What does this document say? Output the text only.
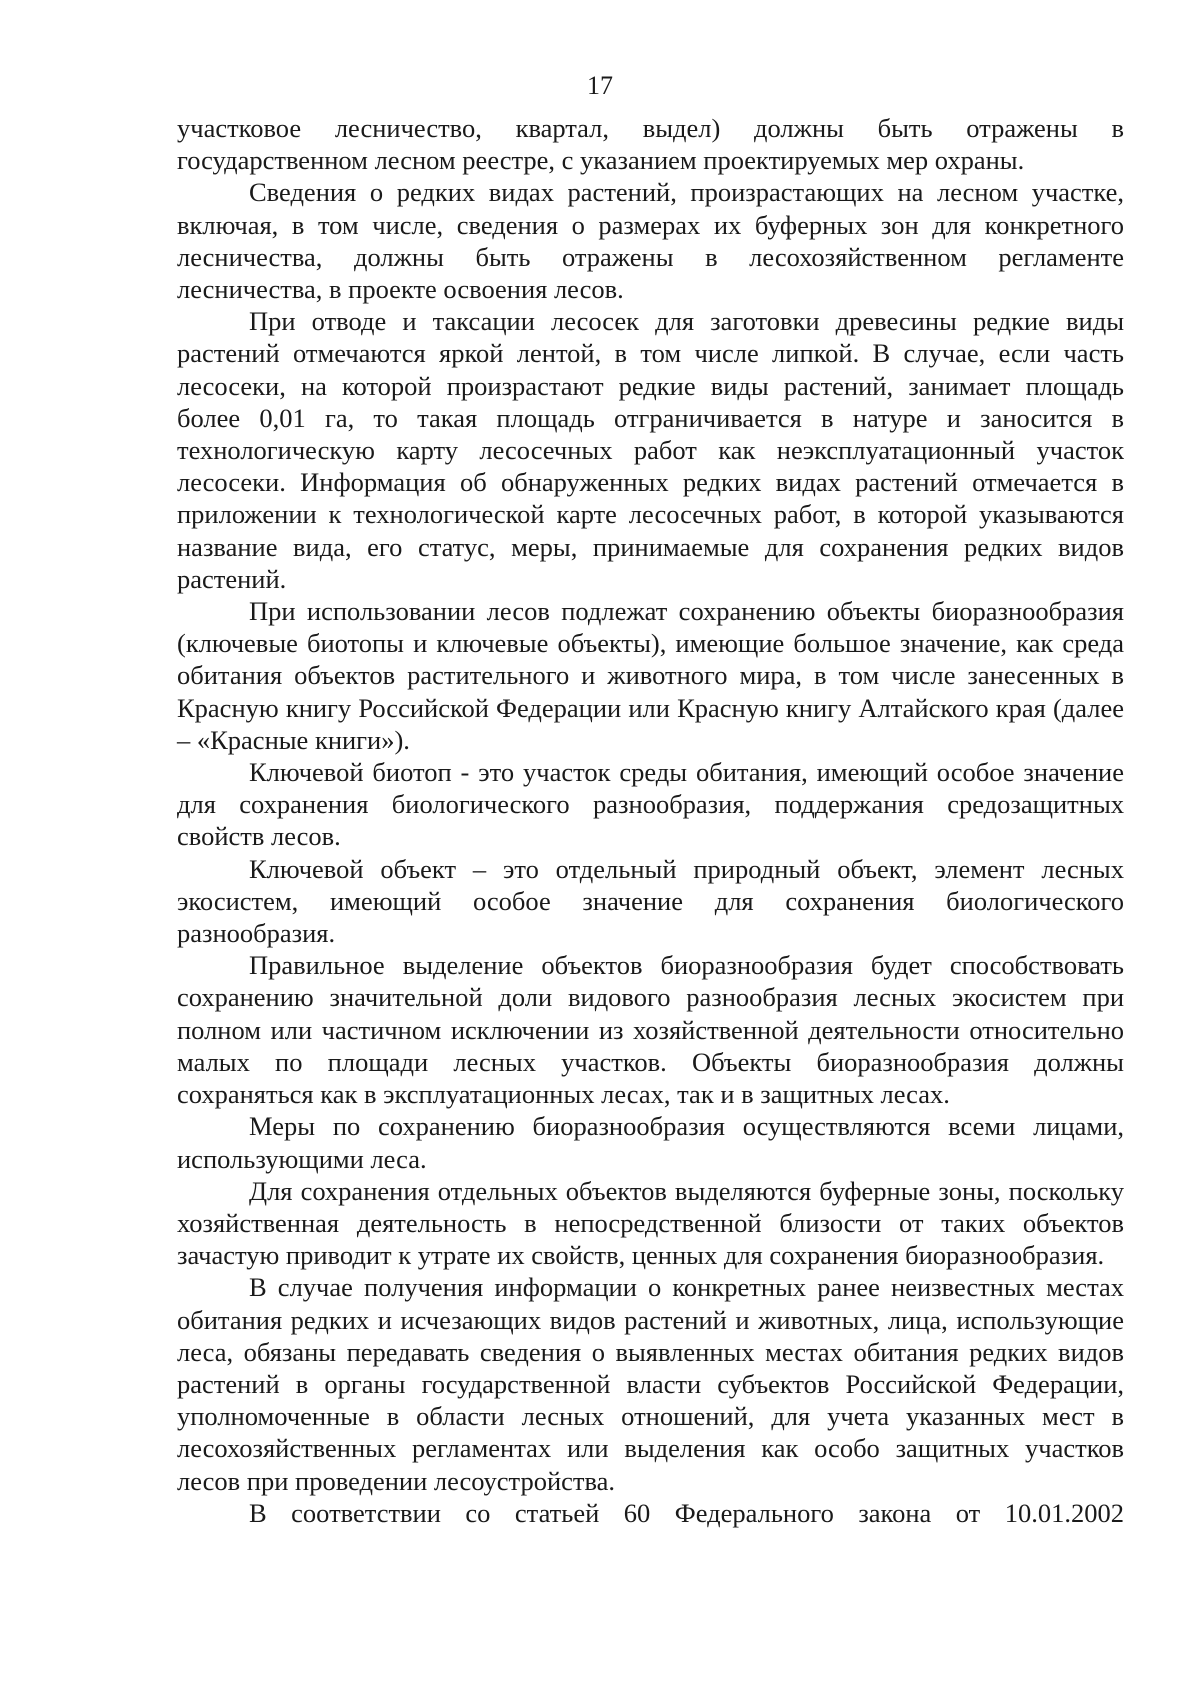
17

участковое лесничество, квартал, выдел) должны быть отражены в государственном лесном реестре, с указанием проектируемых мер охраны.

Сведения о редких видах растений, произрастающих на лесном участке, включая, в том числе, сведения о размерах их буферных зон для конкретного лесничества, должны быть отражены в лесохозяйственном регламенте лесничества, в проекте освоения лесов.

При отводе и таксации лесосек для заготовки древесины редкие виды растений отмечаются яркой лентой, в том числе липкой. В случае, если часть лесосеки, на которой произрастают редкие виды растений, занимает площадь более 0,01 га, то такая площадь отграничивается в натуре и заносится в технологическую карту лесосечных работ как неэксплуатационный участок лесосеки. Информация об обнаруженных редких видах растений отмечается в приложении к технологической карте лесосечных работ, в которой указываются название вида, его статус, меры, принимаемые для сохранения редких видов растений.

При использовании лесов подлежат сохранению объекты биоразнообразия (ключевые биотопы и ключевые объекты), имеющие большое значение, как среда обитания объектов растительного и животного мира, в том числе занесенных в Красную книгу Российской Федерации или Красную книгу Алтайского края (далее – «Красные книги»).

Ключевой биотоп - это участок среды обитания, имеющий особое значение для сохранения биологического разнообразия, поддержания средозащитных свойств лесов.

Ключевой объект – это отдельный природный объект, элемент лесных экосистем, имеющий особое значение для сохранения биологического разнообразия.

Правильное выделение объектов биоразнообразия будет способствовать сохранению значительной доли видового разнообразия лесных экосистем при полном или частичном исключении из хозяйственной деятельности относительно малых по площади лесных участков. Объекты биоразнообразия должны сохраняться как в эксплуатационных лесах, так и в защитных лесах.

Меры по сохранению биоразнообразия осуществляются всеми лицами, использующими леса.

Для сохранения отдельных объектов выделяются буферные зоны, поскольку хозяйственная деятельность в непосредственной близости от таких объектов зачастую приводит к утрате их свойств, ценных для сохранения биоразнообразия.

В случае получения информации о конкретных ранее неизвестных местах обитания редких и исчезающих видов растений и животных, лица, использующие леса, обязаны передавать сведения о выявленных местах обитания редких видов растений в органы государственной власти субъектов Российской Федерации, уполномоченные в области лесных отношений, для учета указанных мест в лесохозяйственных регламентах или выделения как особо защитных участков лесов при проведении лесоустройства.

В соответствии со статьей 60 Федерального закона от 10.01.2002
